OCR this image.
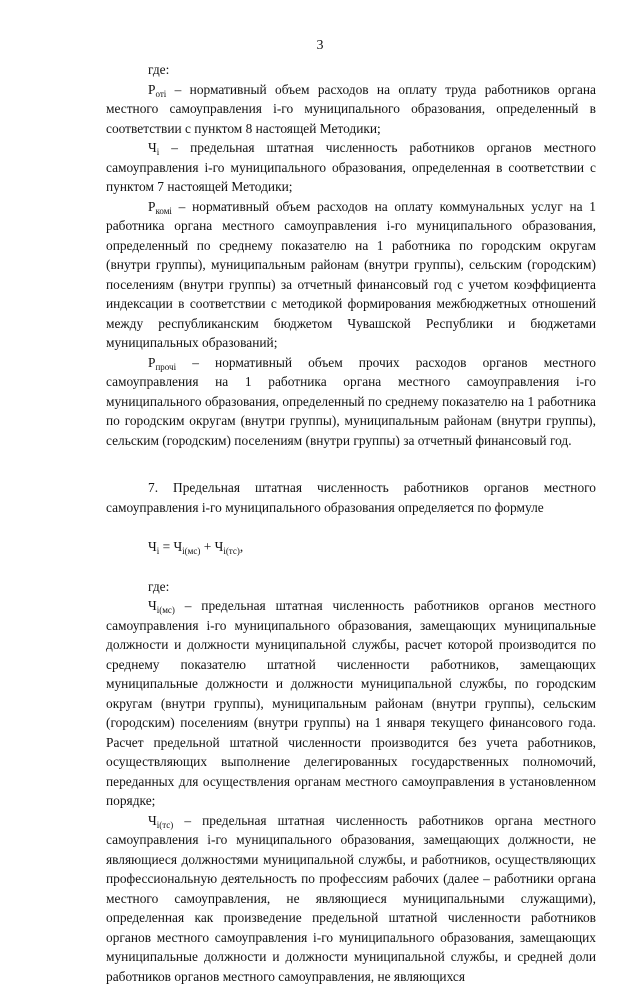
3

где:

$Р_{отi}$ – нормативный объем расходов на оплату труда работников органа местного самоуправления i-го муниципального образования, определенный в соответствии с пунктом 8 настоящей Методики;

$Ч_i$ – предельная штатная численность работников органов местного самоуправления i-го муниципального образования, определенная в соответствии с пунктом 7 настоящей Методики;

$Р_{комi}$ – нормативный объем расходов на оплату коммунальных услуг на 1 работника органа местного самоуправления i-го муниципального образования, определенный по среднему показателю на 1 работника по городским округам (внутри группы), муниципальным районам (внутри группы), сельским (городским) поселениям (внутри группы) за отчетный финансовый год с учетом коэффициента индексации в соответствии с методикой формирования межбюджетных отношений между республиканским бюджетом Чувашской Республики и бюджетами муниципальных образований;

$Р_{прочi}$ – нормативный объем прочих расходов органов местного самоуправления на 1 работника органа местного самоуправления i-го муниципального образования, определенный по среднему показателю на 1 работника по городским округам (внутри группы), муниципальным районам (внутри группы), сельским (городским) поселениям (внутри группы) за отчетный финансовый год.

7. Предельная штатная численность работников органов местного самоуправления i-го муниципального образования определяется по формуле

$Ч_i = Ч_{i(мс)} + Ч_{i(тс)}$,

где:

$Ч_{i(мс)}$ – предельная штатная численность работников органов местного самоуправления i-го муниципального образования, замещающих муниципальные должности и должности муниципальной службы, расчет которой производится по среднему показателю штатной численности работников, замещающих муниципальные должности и должности муниципальной службы, по городским округам (внутри группы), муниципальным районам (внутри группы), сельским (городским) поселениям (внутри группы) на 1 января текущего финансового года. Расчет предельной штатной численности производится без учета работников, осуществляющих выполнение делегированных государственных полномочий, переданных для осуществления органам местного самоуправления в установленном порядке;

$Ч_{i(тс)}$ – предельная штатная численность работников органа местного самоуправления i-го муниципального образования, замещающих должности, не являющиеся должностями муниципальной службы, и работников, осуществляющих профессиональную деятельность по профессиям рабочих (далее – работники органа местного самоуправления, не являющиеся муниципальными служащими), определенная как произведение предельной штатной численности работников органов местного самоуправления i-го муниципального образования, замещающих муниципальные должности и должности муниципальной службы, и средней доли работников органов местного самоуправления, не являющихся
